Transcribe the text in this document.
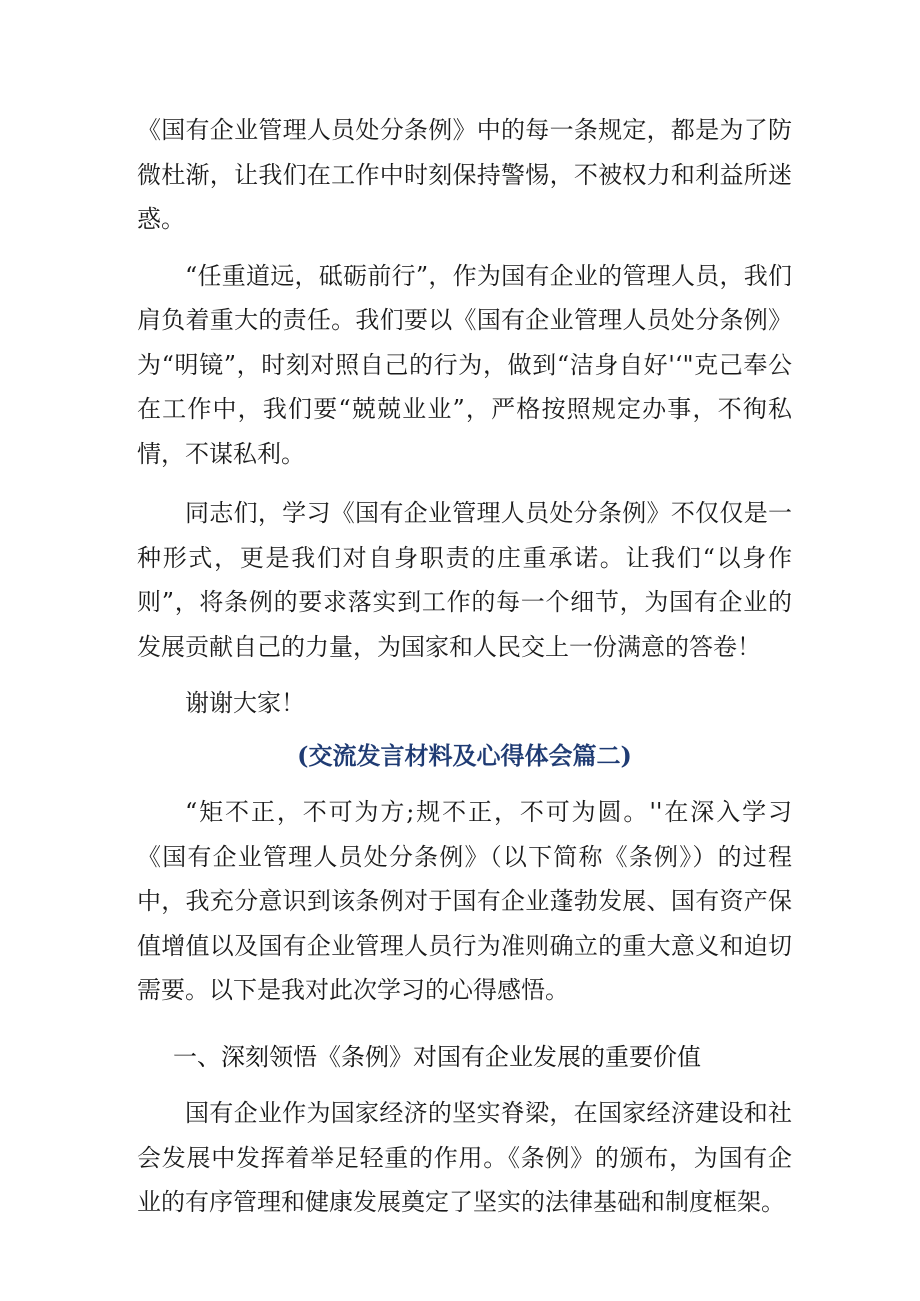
《国有企业管理人员处分条例》中的每一条规定，都是为了防微杜渐，让我们在工作中时刻保持警惕，不被权力和利益所迷惑。

“任重道远，砥砺前行”，作为国有企业的管理人员，我们肩负着重大的责任。我们要以《国有企业管理人员处分条例》为“明镜”，时刻对照自己的行为，做到“洁身自好'‘"克己奉公在工作中，我们要“兢兢业业”，严格按照规定办事，不徇私情，不谋私利。

同志们，学习《国有企业管理人员处分条例》不仅仅是一种形式，更是我们对自身职责的庄重承诺。让我们“以身作则”，将条例的要求落实到工作的每一个细节，为国有企业的发展贡献自己的力量，为国家和人民交上一份满意的答卷！

谢谢大家！

(交流发言材料及心得体会篇二)

“矩不正，不可为方;规不正，不可为圆。''在深入学习《国有企业管理人员处分条例》（以下简称《条例》）的过程中，我充分意识到该条例对于国有企业蓬勃发展、国有资产保值增值以及国有企业管理人员行为准则确立的重大意义和迫切需要。以下是我对此次学习的心得感悟。

一、深刻领悟《条例》对国有企业发展的重要价值

国有企业作为国家经济的坚实脊梁，在国家经济建设和社会发展中发挥着举足轻重的作用。《条例》的颁布，为国有企业的有序管理和健康发展奠定了坚实的法律基础和制度框架。
